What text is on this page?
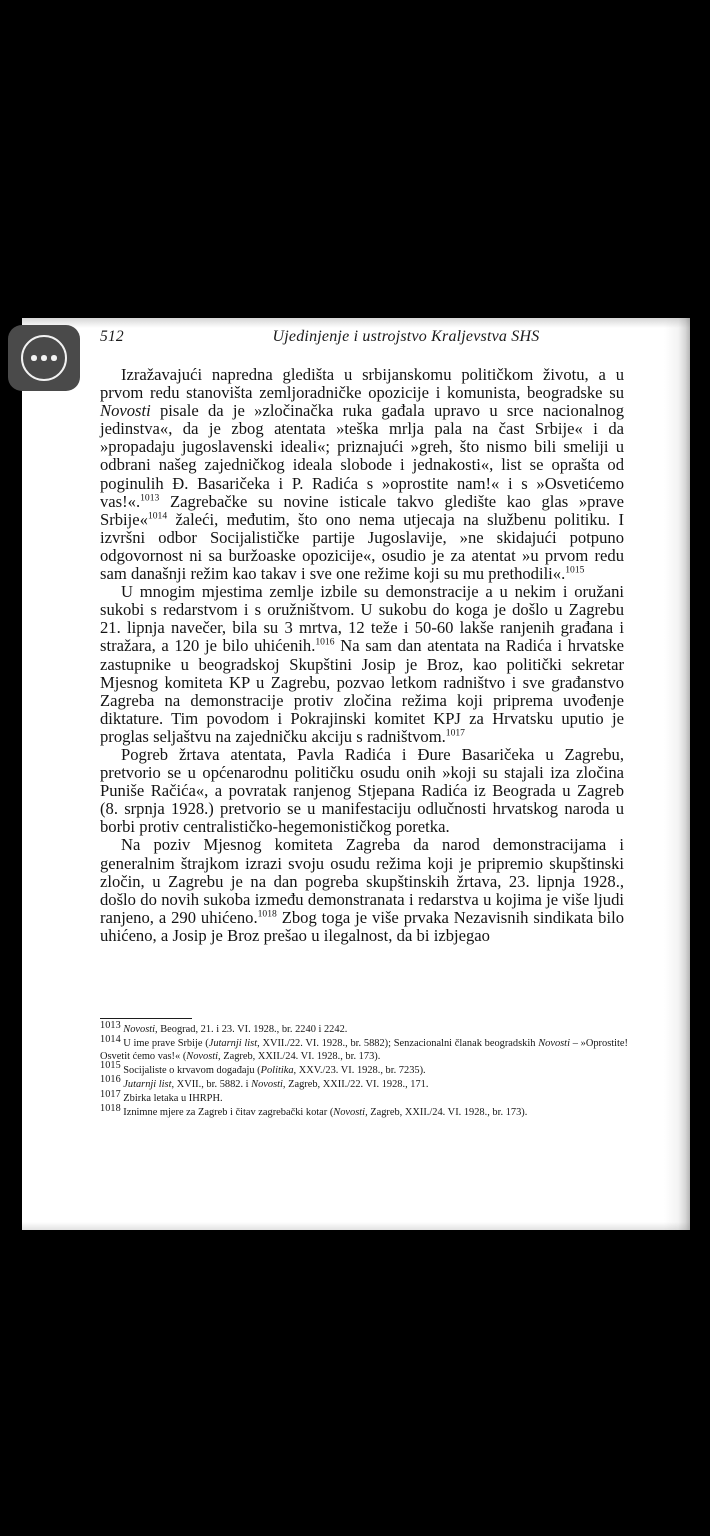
512	Ujedinjenje i ustrojstvo Kraljevstva SHS

Izražavajući napredna gledišta u srbijanskomu političkom životu, a u prvom redu stanovišta zemljoradničke opozicije i komunista, beogradske su Novosti pisale da je »zločinačka ruka gađala upravo u srce nacionalnog jedinstva«, da je zbog atentata »teška mrlja pala na čast Srbije« i da »propadaju jugoslavenski ideali«; priznajući »greh, što nismo bili smeliji u odbrani našeg zajedničkog ideala slobode i jednakosti«, list se oprašta od poginulih Đ. Basaričeka i P. Radića s »oprostite nam!« i s »Osvetićemo vas!«.$^{1013}$ Zagrebačke su novine isticale takvo gledište kao glas »prave Srbije«$^{1014}$ žaleći, međutim, što ono nema utjecaja na službenu politiku. I izvršni odbor Socijalističke partije Jugoslavije, »ne skidajući potpuno odgovornost ni sa buržoaske opozicije«, osudio je za atentat »u prvom redu sam današnji režim kao takav i sve one režime koji su mu prethodili«.$^{1015}$

U mnogim mjestima zemlje izbile su demonstracije a u nekim i oružani sukobi s redarstvom i s oružništvom. U sukobu do koga je došlo u Zagrebu 21. lipnja navečer, bila su 3 mrtva, 12 teže i 50-60 lakše ranjenih građana i stražara, a 120 je bilo uhićenih.$^{1016}$ Na sam dan atentata na Radića i hrvatske zastupnike u beogradskoj Skupštini Josip je Broz, kao politički sekretar Mjesnog komiteta KP u Zagrebu, pozvao letkom radništvo i sve građanstvo Zagreba na demonstracije protiv zločina režima koji priprema uvođenje diktature. Tim povodom i Pokrajinski komitet KPJ za Hrvatsku uputio je proglas seljaštvu na zajedničku akciju s radništvom.$^{1017}$

Pogreb žrtava atentata, Pavla Radića i Đure Basaričeka u Zagrebu, pretvorio se u općenarodnu političku osudu onih »koji su stajali iza zločina Puniše Račića«, a povratak ranjenog Stjepana Radića iz Beograda u Zagreb (8. srpnja 1928.) pretvorio se u manifestaciju odlučnosti hrvatskog naroda u borbi protiv centralističko-hegemonističkog poretka.

Na poziv Mjesnog komiteta Zagreba da narod demonstracijama i generalnim štrajkom izrazi svoju osudu režima koji je pripremio skupštinski zločin, u Zagrebu je na dan pogreba skupštinskih žrtava, 23. lipnja 1928., došlo do novih sukoba između demonstranata i redarstva u kojima je više ljudi ranjeno, a 290 uhićeno.$^{1018}$ Zbog toga je više prvaka Nezavisnih sindikata bilo uhićeno, a Josip je Broz prešao u ilegalnost, da bi izbjegao

1013 Novosti, Beograd, 21. i 23. VI. 1928., br. 2240 i 2242.

1014 U ime prave Srbije (Jutarnji list, XVII./22. VI. 1928., br. 5882); Senzacionalni članak beogradskih Novosti – »Oprostite! Osvetit ćemo vas!« (Novosti, Zagreb, XXII./24. VI. 1928., br. 173).

1015 Socijaliste o krvavom događaju (Politika, XXV./23. VI. 1928., br. 7235).

1016 Jutarnji list, XVII., br. 5882. i Novosti, Zagreb, XXII./22. VI. 1928., 171.

1017 Zbirka letaka u IHRPH.

1018 Iznimne mjere za Zagreb i čitav zagrebački kotar (Novosti, Zagreb, XXII./24. VI. 1928., br. 173).
